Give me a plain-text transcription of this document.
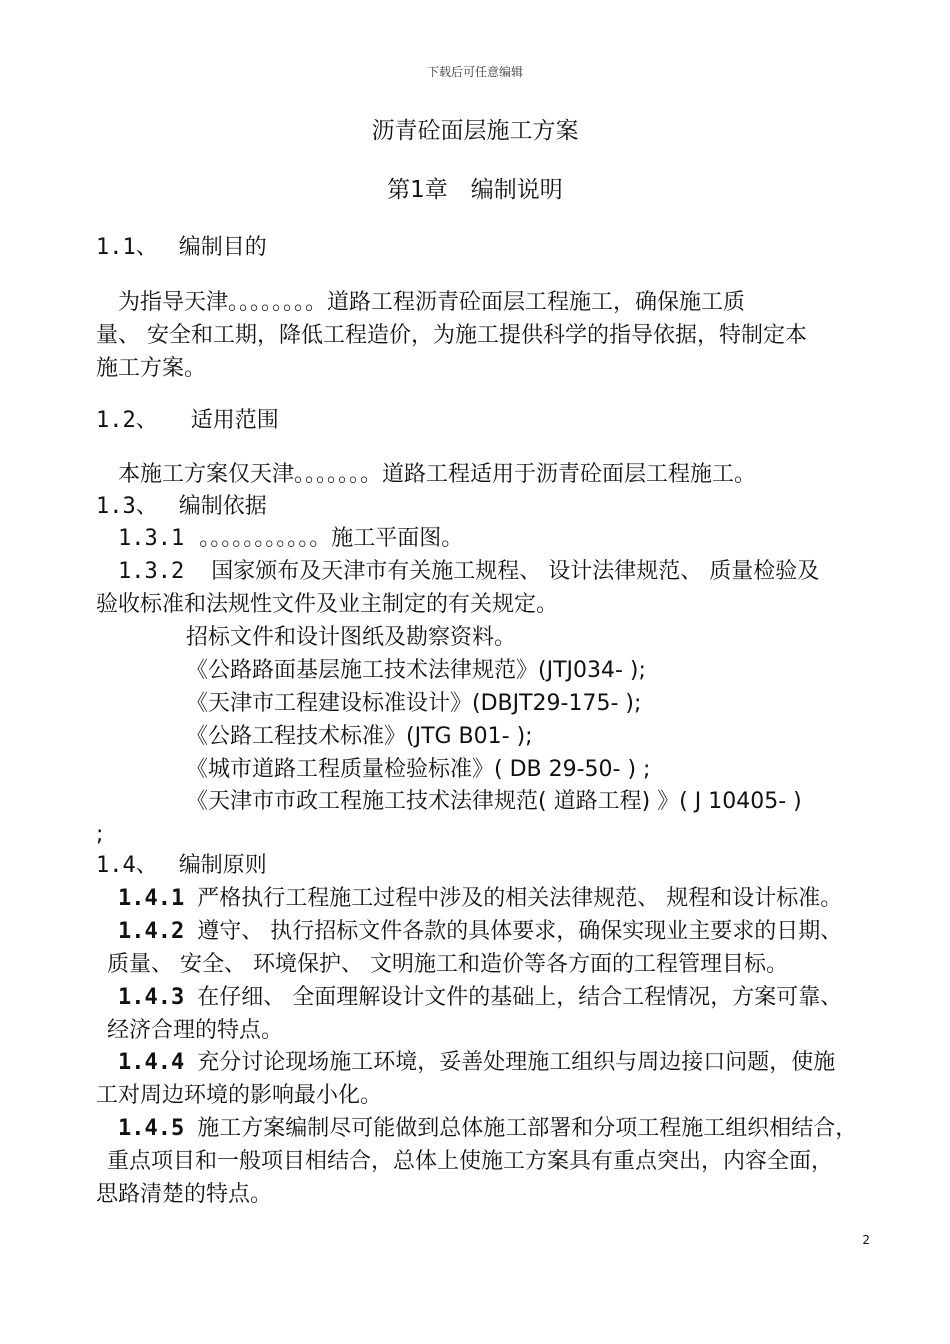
下载后可任意编辑
沥青砼面层施工方案
第1章　编制说明
1.1、 编制目的
为指导天津。。。。。。。。道路工程沥青砼面层工程施工，确保施工质
量、 安全和工期，降低工程造价，为施工提供科学的指导依据，特制定本
施工方案。
1.2、 适用范围
本施工方案仅天津。。。。。。。道路工程适用于沥青砼面层工程施工。
1.3、 编制依据
1.3.1 。。。。。。。。。。。施工平面图。
1.3.2 国家颁布及天津市有关施工规程、 设计法律规范、 质量检验及
验收标准和法规性文件及业主制定的有关规定。
招标文件和设计图纸及勘察资料。
《公路路面基层施工技术法律规范》(JTJ034- );
《天津市工程建设标准设计》(DBJT29-175- );
《公路工程技术标准》(JTG B01- );
《城市道路工程质量检验标准》( DB 29-50- ) ;
《天津市市政工程施工技术法律规范( 道路工程) 》( J 10405- )
;
1.4、 编制原则
1.4.1 严格执行工程施工过程中涉及的相关法律规范、 规程和设计标准。
1.4.2 遵守、 执行招标文件各款的具体要求，确保实现业主要求的日期、
质量、 安全、 环境保护、 文明施工和造价等各方面的工程管理目标。
1.4.3 在仔细、 全面理解设计文件的基础上，结合工程情况，方案可靠、
经济合理的特点。
1.4.4 充分讨论现场施工环境，妥善处理施工组织与周边接口问题，使施
工对周边环境的影响最小化。
1.4.5 施工方案编制尽可能做到总体施工部署和分项工程施工组织相结合，
重点项目和一般项目相结合，总体上使施工方案具有重点突出，内容全面，
思路清楚的特点。
2
